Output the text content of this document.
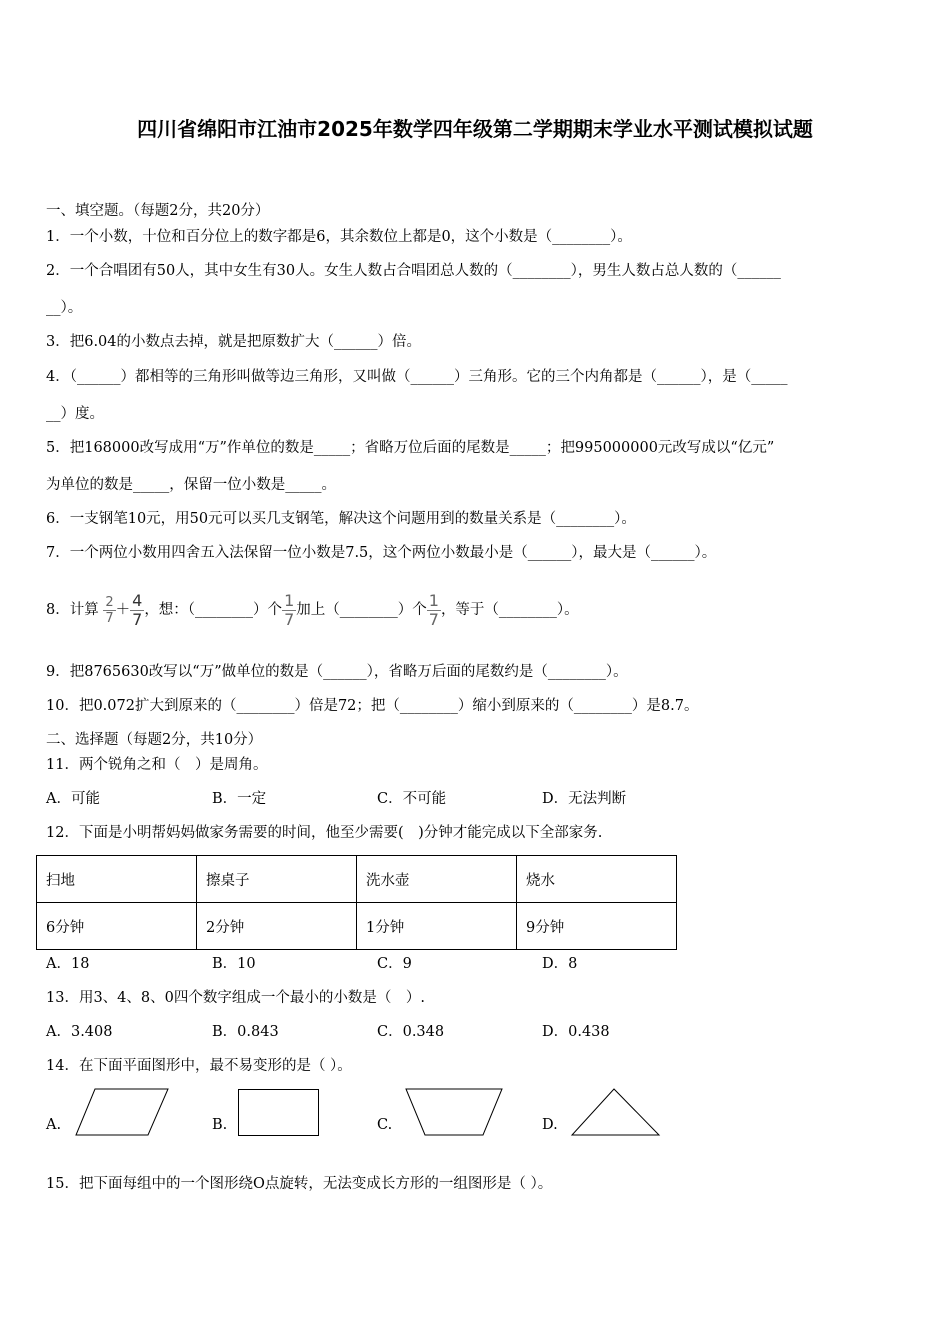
四川省绵阳市江油市2025年数学四年级第二学期期末学业水平测试模拟试题
一、填空题。（每题2分，共20分）
1．一个小数，十位和百分位上的数字都是6，其余数位上都是0，这个小数是（________）。
2．一个合唱团有50人，其中女生有30人。女生人数占合唱团总人数的（________），男生人数占总人数的（______
__）。
3．把6.04的小数点去掉，就是把原数扩大（______）倍。
4．（______）都相等的三角形叫做等边三角形，又叫做（______）三角形。它的三个内角都是（______），是（_____
__）度。
5．把168000改写成用“万”作单位的数是_____；省略万位后面的尾数是_____；把995000000元改写成以“亿元”
为单位的数是_____，保留一位小数是_____。
6．一支钢笔10元，用50元可以买几支钢笔，解决这个问题用到的数量关系是（________）。
7．一个两位小数用四舍五入法保留一位小数是7.5，这个两位小数最小是（______），最大是（______）。
8．计算 $\frac{2}{7} + \frac{4}{7}$ ，想：（________）个 $\frac{1}{7}$ 加上（________）个 $\frac{1}{7}$ ，等于（________）。
9．把8765630改写以“万”做单位的数是（______），省略万后面的尾数约是（________）。
10．把0.072扩大到原来的（________）倍是72；把（________）缩小到原来的（________）是8.7。
二、选择题（每题2分，共10分）
11．两个锐角之和（　）是周角。
A．可能	B．一定	C．不可能	D．无法判断
12．下面是小明帮妈妈做家务需要的时间，他至少需要(　)分钟才能完成以下全部家务.
扫地	擦桌子	洗水壶	烧水
6分钟	2分钟	1分钟	9分钟
A．18	B．10	C．9	D．8
13．用3、4、8、0四个数字组成一个最小的小数是（　）.
A．3.408	B．0.843	C．0.348	D．0.438
14．在下面平面图形中，最不易变形的是（ ）。
A.	B.	C.	D.
15．把下面每组中的一个图形绕O点旋转，无法变成长方形的一组图形是（ ）。
